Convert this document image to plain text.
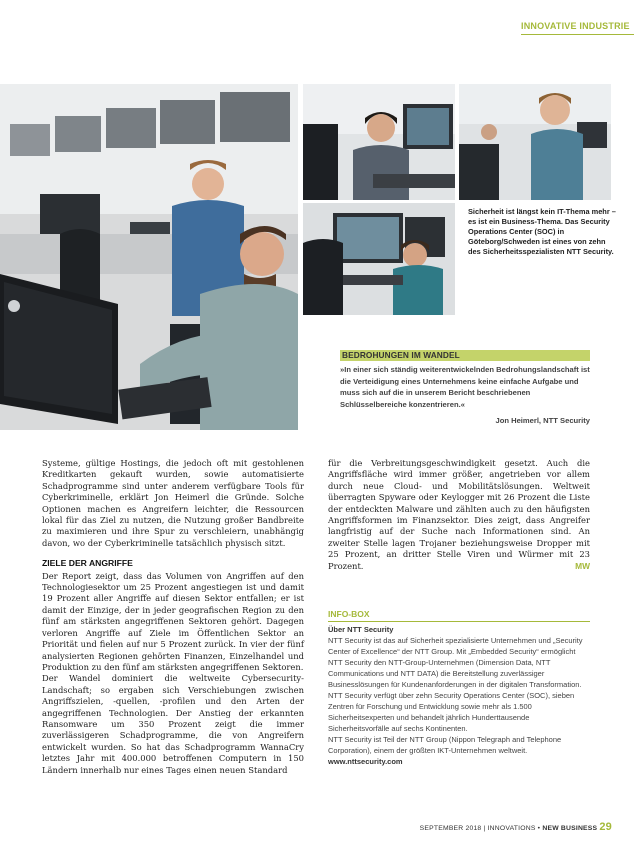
INNOVATIVE INDUSTRIE
Sicherheit ist längst kein IT-Thema mehr – es ist ein Business-Thema. Das Security Operations Center (SOC) in Göteborg/Schweden ist eines von zehn des Sicherheitsspezialisten NTT Security.
BEDROHUNGEN IM WANDEL
»In einer sich ständig weiterentwickelnden Bedrohungslandschaft ist die Verteidigung eines Unternehmens keine einfache Aufgabe und muss sich auf die in unserem Bericht beschriebenen Schlüsselbereiche konzentrieren.«
Jon Heimerl, NTT Security

Systeme, gültige Hostings, die jedoch oft mit gestohlenen Kreditkarten gekauft wurden, sowie automatisierte Schadprogramme sind unter anderem verfügbare Tools für Cyberkriminelle, erklärt Jon Heimerl die Gründe. Solche Optionen machen es Angreifern leichter, die Ressourcen lokal für das Ziel zu nutzen, die Nutzung großer Bandbreite zu maximieren und ihre Spur zu verschleiern, unabhängig davon, wo der Cyberkriminelle tatsächlich physisch sitzt.

ZIELE DER ANGRIFFE

Der Report zeigt, dass das Volumen von Angriffen auf den Technologiesektor um 25 Prozent angestiegen ist und damit 19 Prozent aller Angriffe auf diesen Sektor entfallen; er ist damit der Einzige, der in jeder geografischen Region zu den fünf am stärksten angegriffenen Sektoren gehört. Dagegen verloren Angriffe auf Ziele im Öffentlichen Sektor an Priorität und fielen auf nur 5 Prozent zurück. In vier der fünf analysierten Regionen gehörten Finanzen, Einzelhandel und Produktion zu den fünf am stärksten angegriffenen Sektoren.

Der Wandel dominiert die weltweite Cybersecurity-Landschaft; so ergaben sich Verschiebungen zwischen Angriffszielen, -quellen, -profilen und den Arten der angegriffenen Technologien. Der Anstieg der erkannten Ransomware um 350 Prozent zeigt die immer zuverlässigeren Schadprogramme, die von Angreifern entwickelt wurden. So hat das Schadprogramm WannaCry letztes Jahr mit 400.000 betroffenen Computern in 150 Ländern innerhalb nur eines Tages einen neuen Standard

für die Verbreitungsgeschwindigkeit gesetzt. Auch die Angriffsfläche wird immer größer, angetrieben vor allem durch neue Cloud- und Mobilitätslösungen. Weltweit überragten Spyware oder Keylogger mit 26 Prozent die Liste der entdeckten Malware und zählten auch zu den häufigsten Angriffsformen im Finanzsektor. Dies zeigt, dass Angreifer langfristig auf der Suche nach Informationen sind. An zweiter Stelle lagen Trojaner beziehungsweise Dropper mit 25 Prozent, an dritter Stelle Viren und Würmer mit 23 Prozent.	MW

INFO-BOX
Über NTT Security

NTT Security ist das auf Sicherheit spezialisierte Unternehmen und „Security Center of Excellence“ der NTT Group. Mit „Embedded Security“ ermöglicht NTT Security den NTT-Group-Unternehmen (Dimension Data, NTT Communications und NTT DATA) die Bereitstellung zuverlässiger Businesslösungen für Kundenanforderungen in der digitalen Transformation. NTT Security verfügt über zehn Security Operations Center (SOC), sieben Zentren für Forschung und Entwicklung sowie mehr als 1.500 Sicherheitsexperten und behandelt jährlich Hunderttausende Sicherheitsvorfälle auf sechs Kontinenten.

NTT Security ist Teil der NTT Group (Nippon Telegraph and Telephone Corporation), einem der größten IKT-Unternehmen weltweit.

www.nttsecurity.com

SEPTEMBER 2018 | INNOVATIONS • NEW BUSINESS 29
